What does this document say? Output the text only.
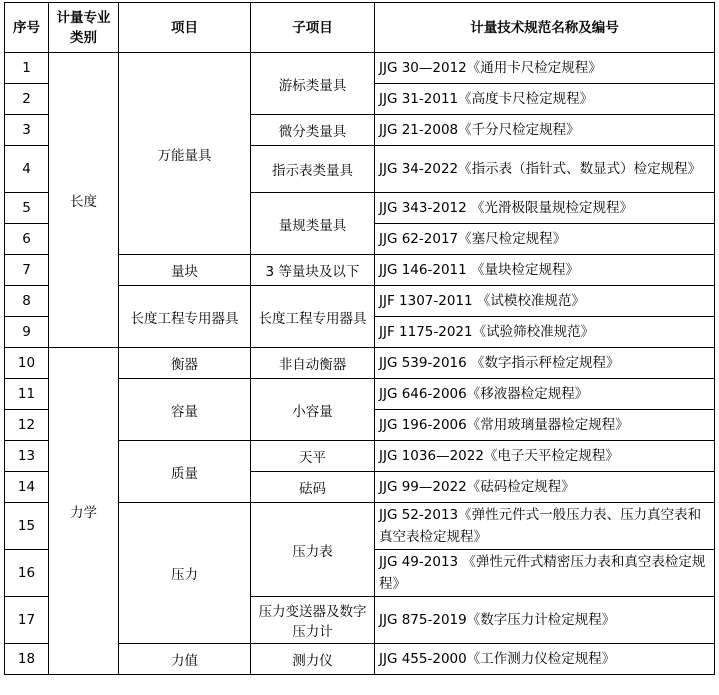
序号	计量专业类别	项目	子项目	计量技术规范名称及编号
1	长度	万能量具	游标类量具	JJG 30—2012《通用卡尺检定规程》
2				JJG 31-2011《高度卡尺检定规程》
3			微分类量具	JJG 21-2008《千分尺检定规程》
4			指示表类量具	JJG 34-2022《指示表（指针式、数显式）检定规程》
5			量规类量具	JJG 343-2012 《光滑极限量规检定规程》
6				JJG 62-2017《塞尺检定规程》
7		量块	3 等量块及以下	JJG 146-2011 《量块检定规程》
8		长度工程专用器具	长度工程专用器具	JJF 1307-2011 《试模校准规范》
9				JJF 1175-2021《试验筛校准规范》
10	力学	衡器	非自动衡器	JJG 539-2016 《数字指示秤检定规程》
11		容量	小容量	JJG 646-2006《移液器检定规程》
12				JJG 196-2006《常用玻璃量器检定规程》
13		质量	天平	JJG 1036—2022《电子天平检定规程》
14			砝码	JJG 99—2022《砝码检定规程》
15		压力	压力表	JJG 52-2013《弹性元件式一般压力表、压力真空表和真空表检定规程》
16				JJG 49-2013 《弹性元件式精密压力表和真空表检定规程》
17			压力变送器及数字压力计	JJG 875-2019《数字压力计检定规程》
18		力值	测力仪	JJG 455-2000《工作测力仪检定规程》
